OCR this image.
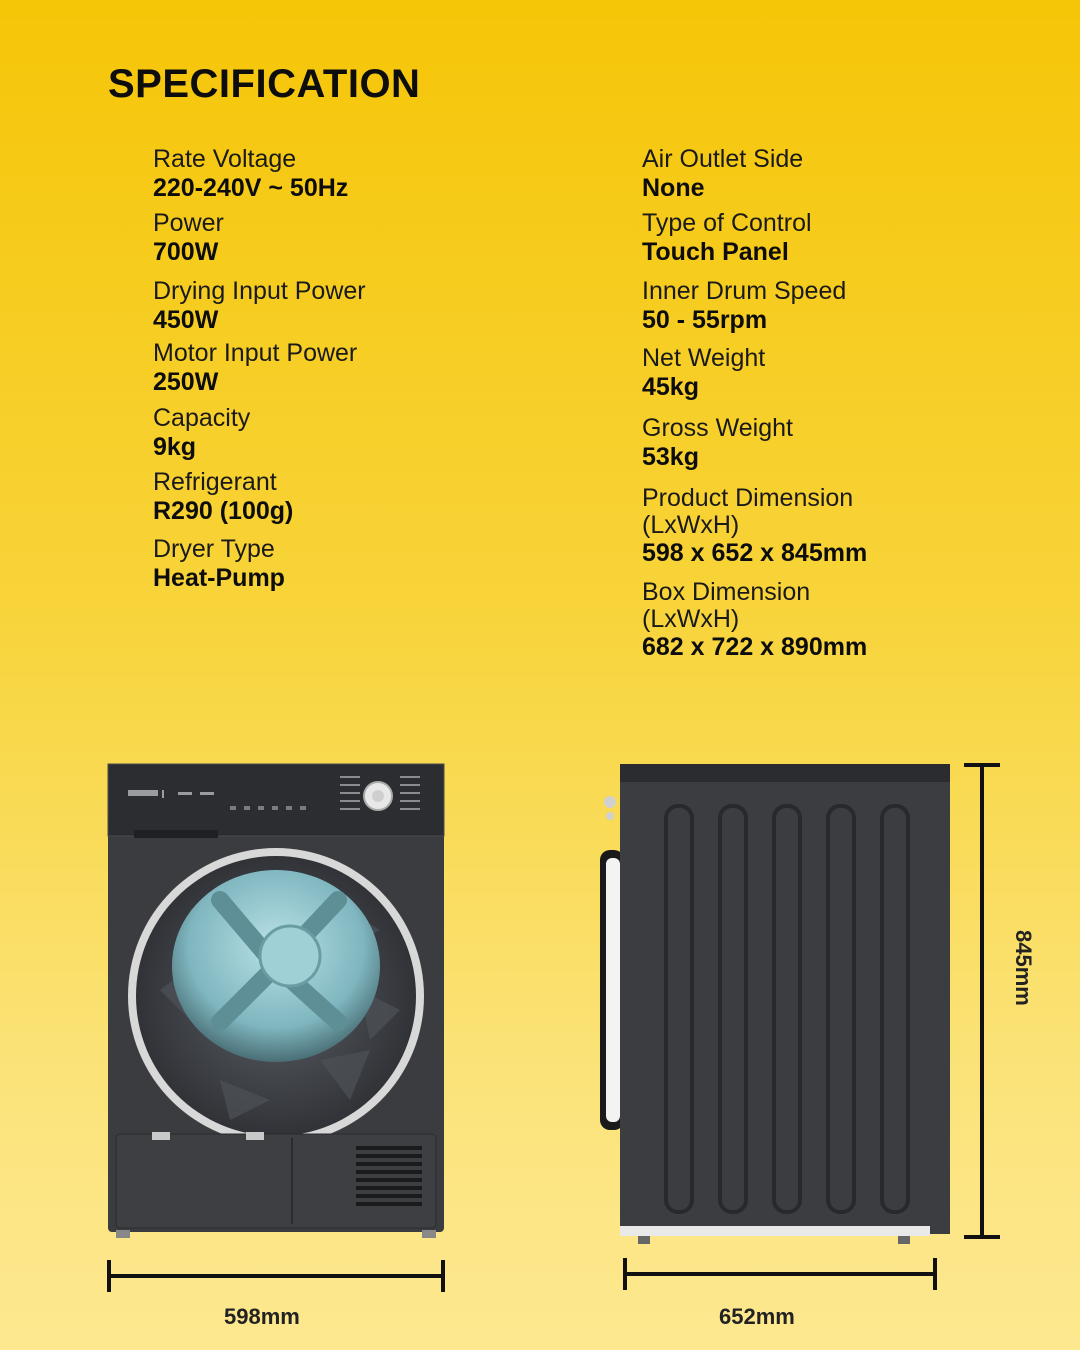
SPECIFICATION
Rate Voltage
220-240V ~ 50Hz
Power
700W
Drying Input Power
450W
Motor Input Power
250W
Capacity
9kg
Refrigerant
R290 (100g)
Dryer Type
Heat-Pump
Air Outlet Side
None
Type of Control
Touch Panel
Inner Drum Speed
50 - 55rpm
Net Weight
45kg
Gross Weight
53kg
Product Dimension
(LxWxH)
598 x 652 x 845mm
Box Dimension
(LxWxH)
682 x 722 x 890mm
845mm
598mm	652mm
